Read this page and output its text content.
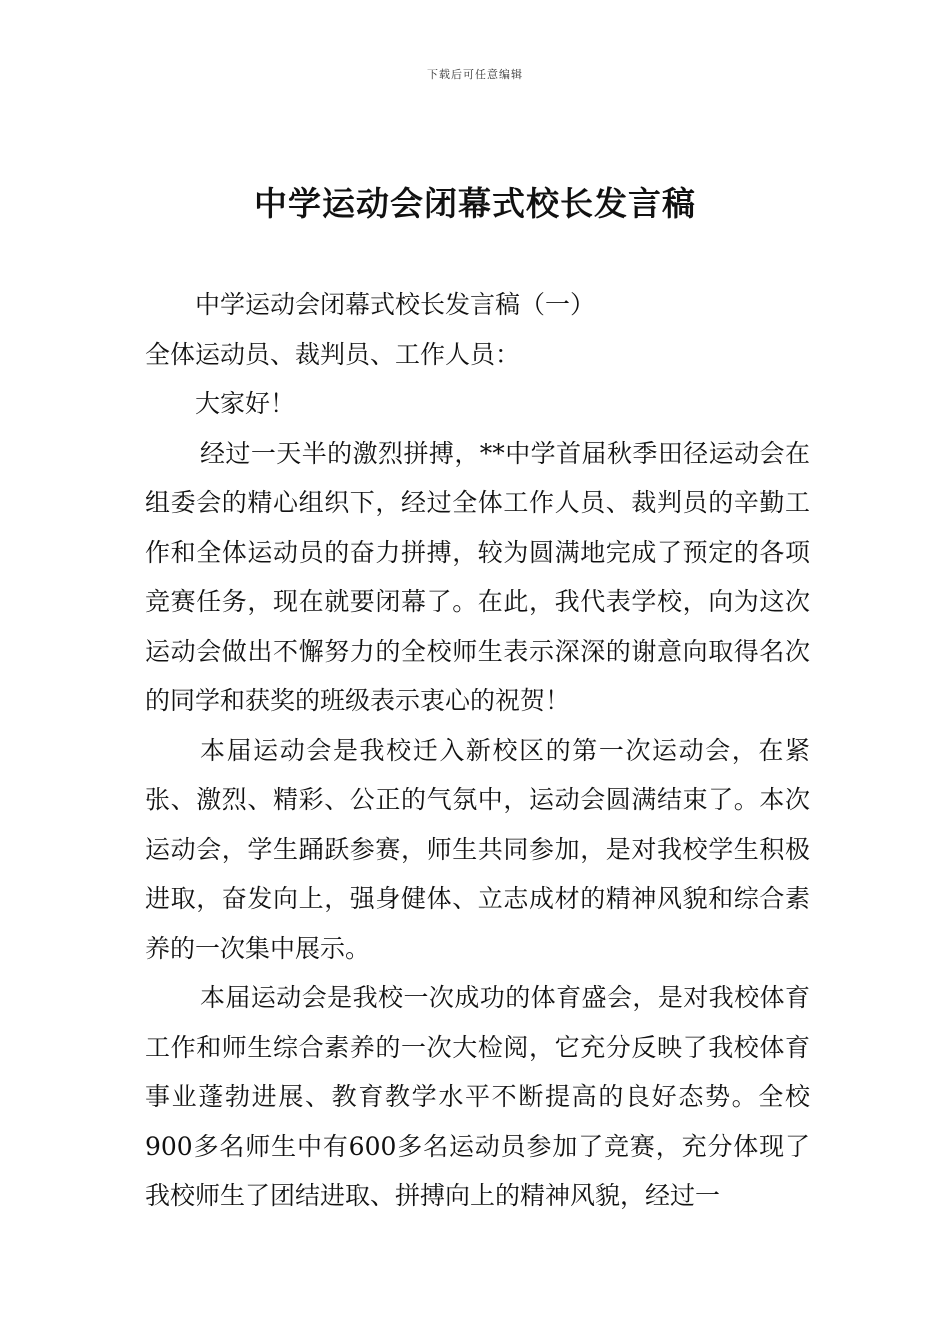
下载后可任意编辑
中学运动会闭幕式校长发言稿

中学运动会闭幕式校长发言稿（一）

全体运动员、裁判员、工作人员：

大家好！

经过一天半的激烈拼搏，**中学首届秋季田径运动会在组委会的精心组织下，经过全体工作人员、裁判员的辛勤工作和全体运动员的奋力拼搏，较为圆满地完成了预定的各项竞赛任务，现在就要闭幕了。在此，我代表学校，向为这次运动会做出不懈努力的全校师生表示深深的谢意向取得名次的同学和获奖的班级表示衷心的祝贺！

本届运动会是我校迁入新校区的第一次运动会，在紧张、激烈、精彩、公正的气氛中，运动会圆满结束了。本次运动会，学生踊跃参赛，师生共同参加，是对我校学生积极进取，奋发向上，强身健体、立志成材的精神风貌和综合素养的一次集中展示。

本届运动会是我校一次成功的体育盛会，是对我校体育工作和师生综合素养的一次大检阅，它充分反映了我校体育事业蓬勃进展、教育教学水平不断提高的良好态势。全校900多名师生中有600多名运动员参加了竞赛，充分体现了我校师生了团结进取、拼搏向上的精神风貌，经过一
